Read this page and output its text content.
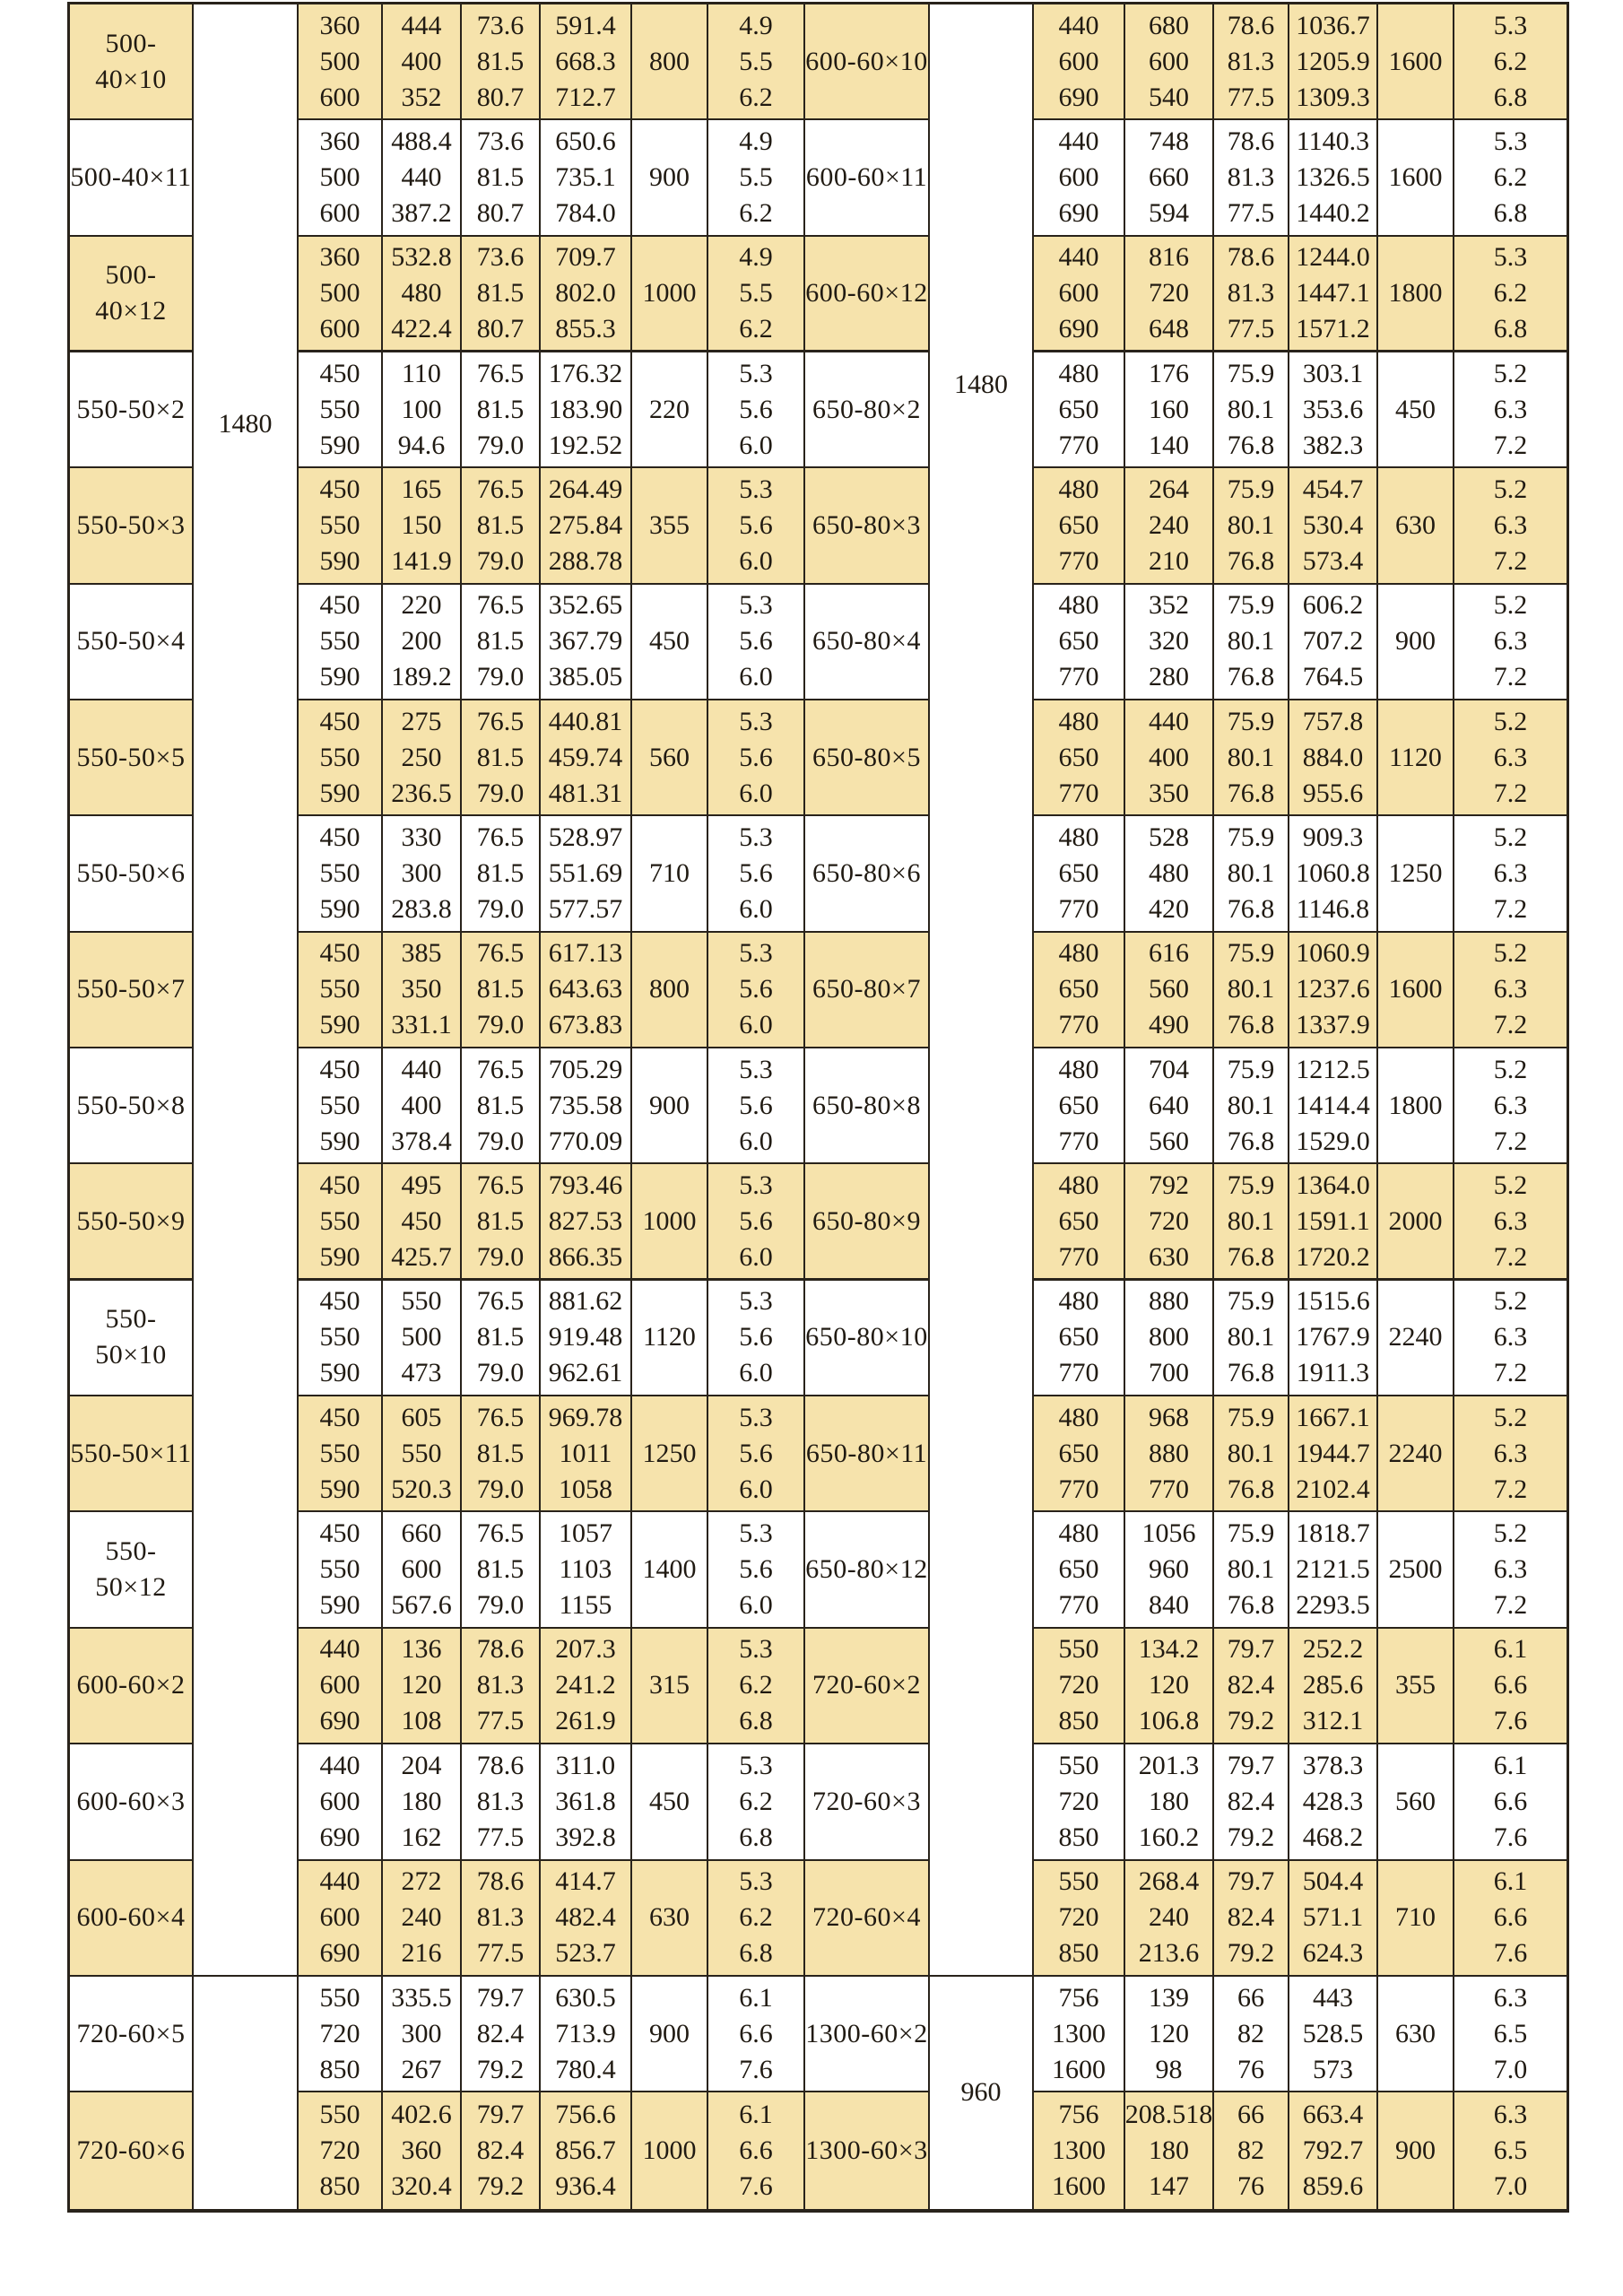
1480
500-40×10
360
500
600
444
400
352
73.6
81.5
80.7
591.4
668.3
712.7
800
4.9
5.5
6.2
500-40×11
360
500
600
488.4
440
387.2
73.6
81.5
80.7
650.6
735.1
784.0
900
4.9
5.5
6.2
500-40×12
360
500
600
532.8
480
422.4
73.6
81.5
80.7
709.7
802.0
855.3
1000
4.9
5.5
6.2
550-50×2
450
550
590
110
100
94.6
76.5
81.5
79.0
176.32
183.90
192.52
220
5.3
5.6
6.0
550-50×3
450
550
590
165
150
141.9
76.5
81.5
79.0
264.49
275.84
288.78
355
5.3
5.6
6.0
550-50×4
450
550
590
220
200
189.2
76.5
81.5
79.0
352.65
367.79
385.05
450
5.3
5.6
6.0
550-50×5
450
550
590
275
250
236.5
76.5
81.5
79.0
440.81
459.74
481.31
560
5.3
5.6
6.0
550-50×6
450
550
590
330
300
283.8
76.5
81.5
79.0
528.97
551.69
577.57
710
5.3
5.6
6.0
550-50×7
450
550
590
385
350
331.1
76.5
81.5
79.0
617.13
643.63
673.83
800
5.3
5.6
6.0
550-50×8
450
550
590
440
400
378.4
76.5
81.5
79.0
705.29
735.58
770.09
900
5.3
5.6
6.0
550-50×9
450
550
590
495
450
425.7
76.5
81.5
79.0
793.46
827.53
866.35
1000
5.3
5.6
6.0
550-50×10
450
550
590
550
500
473
76.5
81.5
79.0
881.62
919.48
962.61
1120
5.3
5.6
6.0
550-50×11
450
550
590
605
550
520.3
76.5
81.5
79.0
969.78
1011
1058
1250
5.3
5.6
6.0
550-50×12
450
550
590
660
600
567.6
76.5
81.5
79.0
1057
1103
1155
1400
5.3
5.6
6.0
600-60×2
440
600
690
136
120
108
78.6
81.3
77.5
207.3
241.2
261.9
315
5.3
6.2
6.8
600-60×3
440
600
690
204
180
162
78.6
81.3
77.5
311.0
361.8
392.8
450
5.3
6.2
6.8
600-60×4
440
600
690
272
240
216
78.6
81.3
77.5
414.7
482.4
523.7
630
5.3
6.2
6.8
720-60×5
550
720
850
335.5
300
267
79.7
82.4
79.2
630.5
713.9
780.4
900
6.1
6.6
7.6
720-60×6
550
720
850
402.6
360
320.4
79.7
82.4
79.2
756.6
856.7
936.4
1000
6.1
6.6
7.6
1480
960
600-60×10
440
600
690
680
600
540
78.6
81.3
77.5
1036.7
1205.9
1309.3
1600
5.3
6.2
6.8
600-60×11
440
600
690
748
660
594
78.6
81.3
77.5
1140.3
1326.5
1440.2
1600
5.3
6.2
6.8
600-60×12
440
600
690
816
720
648
78.6
81.3
77.5
1244.0
1447.1
1571.2
1800
5.3
6.2
6.8
650-80×2
480
650
770
176
160
140
75.9
80.1
76.8
303.1
353.6
382.3
450
5.2
6.3
7.2
650-80×3
480
650
770
264
240
210
75.9
80.1
76.8
454.7
530.4
573.4
630
5.2
6.3
7.2
650-80×4
480
650
770
352
320
280
75.9
80.1
76.8
606.2
707.2
764.5
900
5.2
6.3
7.2
650-80×5
480
650
770
440
400
350
75.9
80.1
76.8
757.8
884.0
955.6
1120
5.2
6.3
7.2
650-80×6
480
650
770
528
480
420
75.9
80.1
76.8
909.3
1060.8
1146.8
1250
5.2
6.3
7.2
650-80×7
480
650
770
616
560
490
75.9
80.1
76.8
1060.9
1237.6
1337.9
1600
5.2
6.3
7.2
650-80×8
480
650
770
704
640
560
75.9
80.1
76.8
1212.5
1414.4
1529.0
1800
5.2
6.3
7.2
650-80×9
480
650
770
792
720
630
75.9
80.1
76.8
1364.0
1591.1
1720.2
2000
5.2
6.3
7.2
650-80×10
480
650
770
880
800
700
75.9
80.1
76.8
1515.6
1767.9
1911.3
2240
5.2
6.3
7.2
650-80×11
480
650
770
968
880
770
75.9
80.1
76.8
1667.1
1944.7
2102.4
2240
5.2
6.3
7.2
650-80×12
480
650
770
1056
960
840
75.9
80.1
76.8
1818.7
2121.5
2293.5
2500
5.2
6.3
7.2
720-60×2
550
720
850
134.2
120
106.8
79.7
82.4
79.2
252.2
285.6
312.1
355
6.1
6.6
7.6
720-60×3
550
720
850
201.3
180
160.2
79.7
82.4
79.2
378.3
428.3
468.2
560
6.1
6.6
7.6
720-60×4
550
720
850
268.4
240
213.6
79.7
82.4
79.2
504.4
571.1
624.3
710
6.1
6.6
7.6
1300-60×2
756
1300
1600
139
120
98
66
82
76
443
528.5
573
630
6.3
6.5
7.0
1300-60×3
756
1300
1600
208.518
180
147
66
82
76
663.4
792.7
859.6
900
6.3
6.5
7.0
